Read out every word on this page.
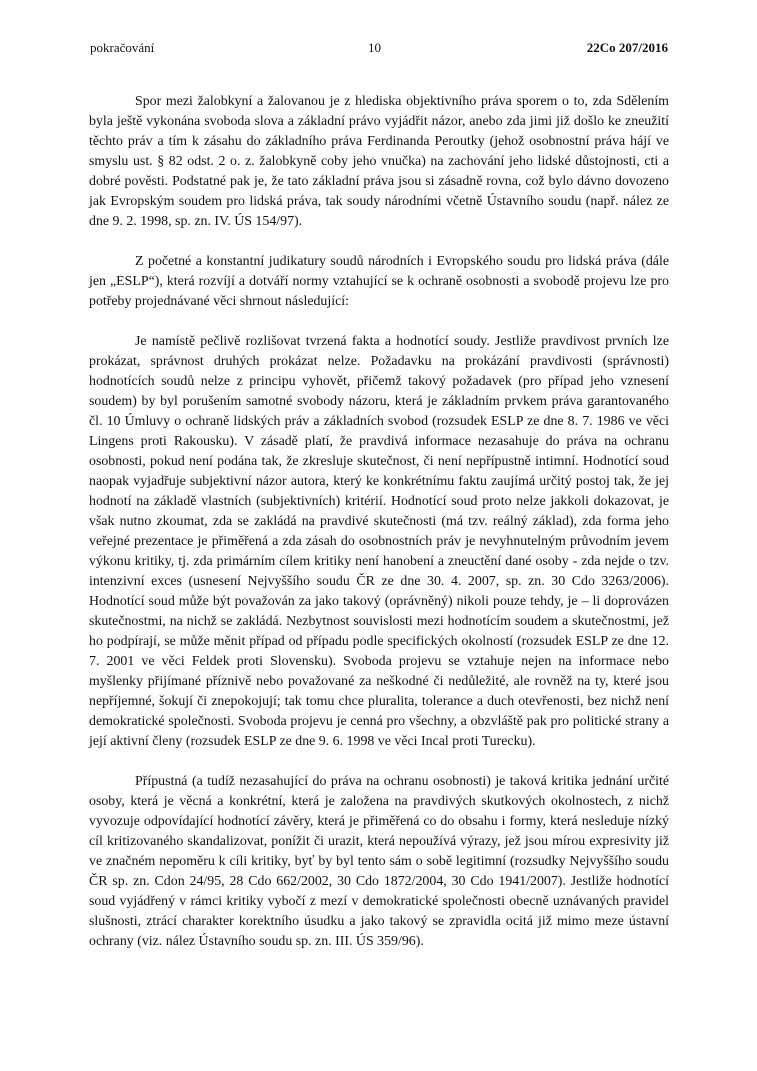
pokračování	10	22Co 207/2016

Spor mezi žalobkyní a žalovanou je z hlediska objektivního práva sporem o to, zda Sdělením byla ještě vykonána svoboda slova a základní právo vyjádřit názor, anebo zda jimi již došlo ke zneužití těchto práv a tím k zásahu do základního práva Ferdinanda Peroutky (jehož osobnostní práva hájí ve smyslu ust. § 82 odst. 2 o. z. žalobkyně coby jeho vnučka) na zachování jeho lidské důstojnosti, cti a dobré pověsti. Podstatné pak je, že tato základní práva jsou si zásadně rovna, což bylo dávno dovozeno jak Evropským soudem pro lidská práva, tak soudy národními včetně Ústavního soudu (např. nález ze dne 9. 2. 1998, sp. zn. IV. ÚS 154/97).

Z početné a konstantní judikatury soudů národních i Evropského soudu pro lidská práva (dále jen „ESLP“), která rozvíjí a dotváří normy vztahující se k ochraně osobnosti a svobodě projevu lze pro potřeby projednávané věci shrnout následující:

Je namístě pečlivě rozlišovat tvrzená fakta a hodnotící soudy. Jestliže pravdivost prvních lze prokázat, správnost druhých prokázat nelze. Požadavku na prokázání pravdivosti (správnosti) hodnotících soudů nelze z principu vyhovět, přičemž takový požadavek (pro případ jeho vznesení soudem) by byl porušením samotné svobody názoru, která je základním prvkem práva garantovaného čl. 10 Úmluvy o ochraně lidských práv a základních svobod (rozsudek ESLP ze dne 8. 7. 1986 ve věci Lingens proti Rakousku). V zásadě platí, že pravdivá informace nezasahuje do práva na ochranu osobnosti, pokud není podána tak, že zkresluje skutečnost, či není nepřípustně intimní. Hodnotící soud naopak vyjadřuje subjektivní názor autora, který ke konkrétnímu faktu zaujímá určitý postoj tak, že jej hodnotí na základě vlastních (subjektivních) kritérií. Hodnotící soud proto nelze jakkoli dokazovat, je však nutno zkoumat, zda se zakládá na pravdivé skutečnosti (má tzv. reálný základ), zda forma jeho veřejné prezentace je přiměřená a zda zásah do osobnostních práv je nevyhnutelným průvodním jevem výkonu kritiky, tj. zda primárním cílem kritiky není hanobení a zneuctění dané osoby - zda nejde o tzv. intenzivní exces (usnesení Nejvyššího soudu ČR ze dne 30. 4. 2007, sp. zn. 30 Cdo 3263/2006). Hodnotící soud může být považován za jako takový (oprávněný) nikoli pouze tehdy, je – li doprovázen skutečnostmi, na nichž se zakládá. Nezbytnost souvislosti mezi hodnotícím soudem a skutečnostmi, jež ho podpírají, se může měnit případ od případu podle specifických okolností (rozsudek ESLP ze dne 12. 7. 2001 ve věci Feldek proti Slovensku). Svoboda projevu se vztahuje nejen na informace nebo myšlenky přijímané příznivě nebo považované za neškodné či nedůležité, ale rovněž na ty, které jsou nepříjemné, šokují či znepokojují; tak tomu chce pluralita, tolerance a duch otevřenosti, bez nichž není demokratické společnosti. Svoboda projevu je cenná pro všechny, a obzvláště pak pro politické strany a její aktivní členy (rozsudek ESLP ze dne 9. 6. 1998 ve věci Incal proti Turecku).

Přípustná (a tudíž nezasahující do práva na ochranu osobnosti) je taková kritika jednání určité osoby, která je věcná a konkrétní, která je založena na pravdivých skutkových okolnostech, z nichž vyvozuje odpovídající hodnotící závěry, která je přiměřená co do obsahu i formy, která nesleduje nízký cíl kritizovaného skandalizovat, ponížit či urazit, která nepoužívá výrazy, jež jsou mírou expresivity již ve značném nepoměru k cíli kritiky, byť by byl tento sám o sobě legitimní (rozsudky Nejvyššího soudu ČR sp. zn. Cdon 24/95, 28 Cdo 662/2002, 30 Cdo 1872/2004, 30 Cdo 1941/2007). Jestliže hodnotící soud vyjádřený v rámci kritiky vybočí z mezí v demokratické společnosti obecně uznávaných pravidel slušnosti, ztrácí charakter korektního úsudku a jako takový se zpravidla ocitá již mimo meze ústavní ochrany (viz. nález Ústavního soudu sp. zn. III. ÚS 359/96).
